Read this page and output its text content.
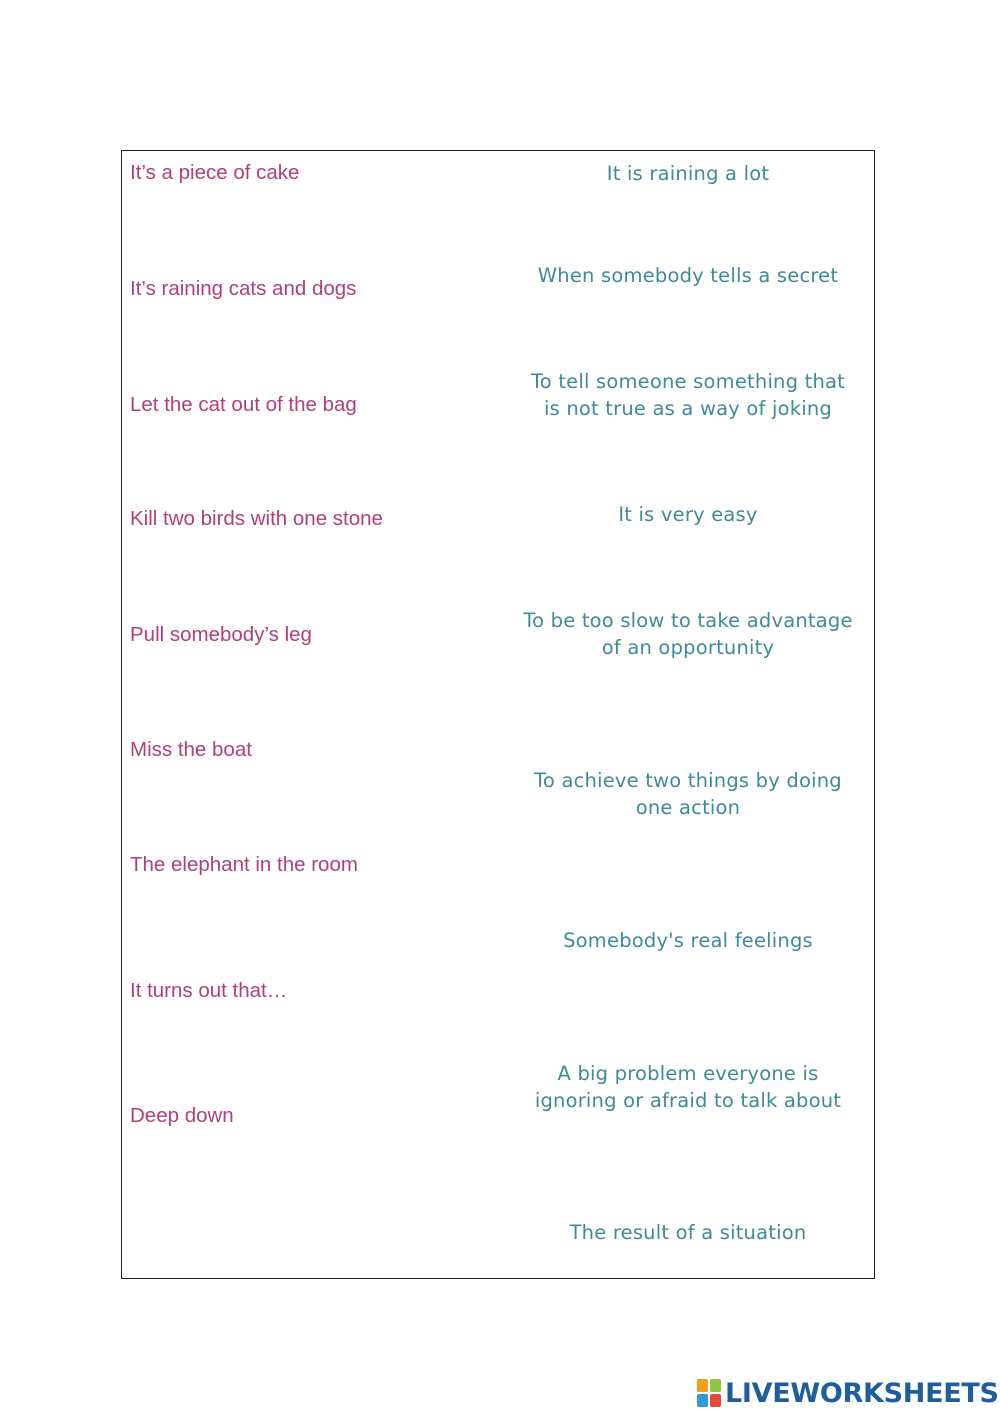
It’s a piece of cake
It’s raining cats and dogs
Let the cat out of the bag
Kill two birds with one stone
Pull somebody’s leg
Miss the boat
The elephant in the room
It turns out that…
Deep down
It is raining a lot
When somebody tells a secret
To tell someone something that
is not true as a way of joking
It is very easy
To be too slow to take advantage
of an opportunity
To achieve two things by doing
one action
Somebody's real feelings
A big problem everyone is
ignoring or afraid to talk about
The result of a situation
LIVEWORKSHEETS
